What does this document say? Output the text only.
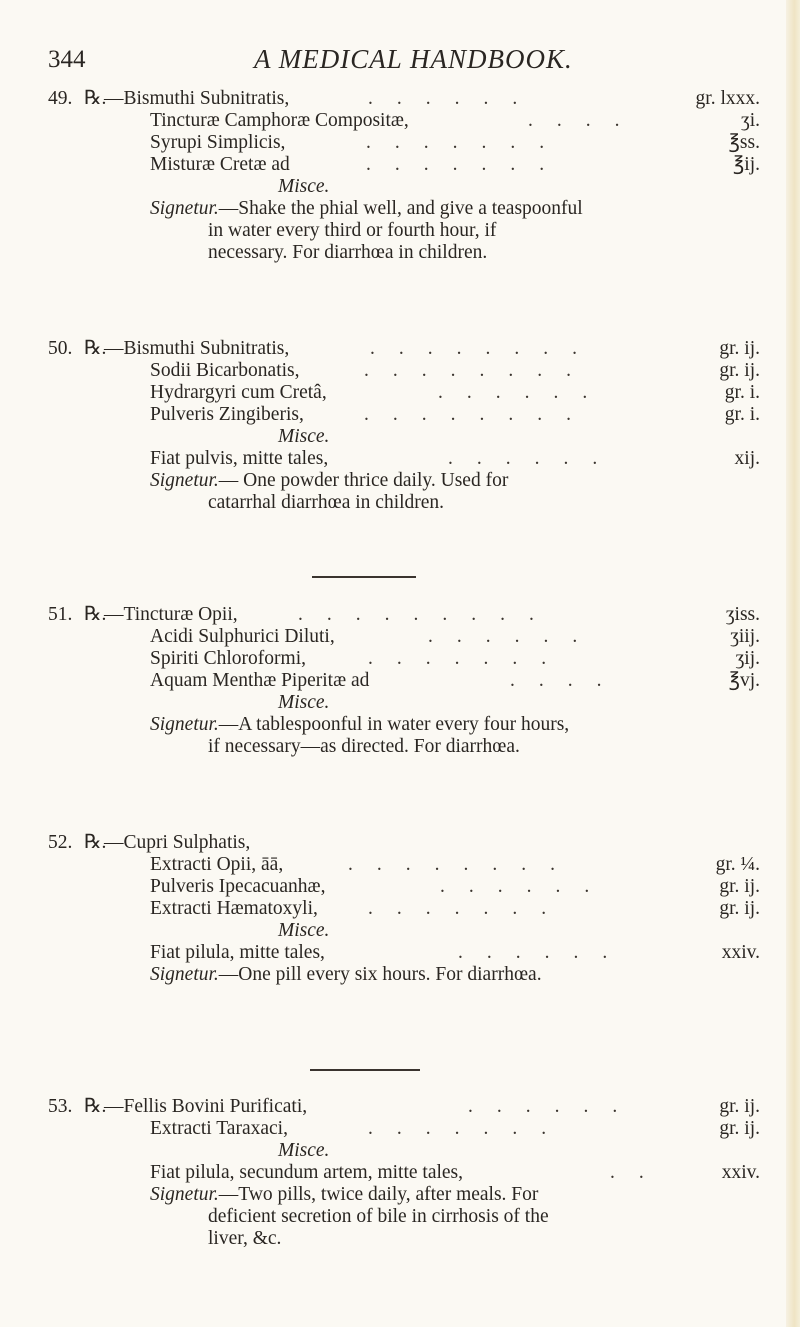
344	A MEDICAL HANDBOOK.
49. ℞.
—Bismuthi Subnitratis,	......	gr. lxxx.
Tincturæ Camphoræ Compositæ,	....	ʒi.
Syrupi Simplicis,	.......	℥ss.
Misturæ Cretæ ad	.......	℥ij.
Misce.
Signetur.—Shake the phial well, and give a teaspoonful
in water every third or fourth hour, if
necessary. For diarrhœa in children.
50. ℞.
—Bismuthi Subnitratis,	........	gr. ij.
Sodii Bicarbonatis,	........	gr. ij.
Hydrargyri cum Cretâ,	......	gr. i.
Pulveris Zingiberis,	........	gr. i.
Misce.
Fiat pulvis, mitte tales,	......	xij.
Signetur.— One powder thrice daily. Used for
catarrhal diarrhœa in children.
51. ℞.
—Tincturæ Opii,	.........	ʒiss.
Acidi Sulphurici Diluti,	......	ʒiij.
Spiriti Chloroformi,	.......	ʒij.
Aquam Menthæ Piperitæ ad	....	℥vj.
Misce.
Signetur.—A tablespoonful in water every four hours,
if necessary—as directed. For diarrhœa.
52. ℞.
—Cupri Sulphatis,
Extracti Opii, āā,	........	gr. ¼.
Pulveris Ipecacuanhæ,	......	gr. ij.
Extracti Hæmatoxyli,	.......	gr. ij.
Misce.
Fiat pilula, mitte tales,	......	xxiv.
Signetur.—One pill every six hours. For diarrhœa.
53. ℞.
—Fellis Bovini Purificati,	......	gr. ij.
Extracti Taraxaci,	.......	gr. ij.
Misce.
Fiat pilula, secundum artem, mitte tales,	..	xxiv.
Signetur.—Two pills, twice daily, after meals. For
deficient secretion of bile in cirrhosis of the
liver, &c.
